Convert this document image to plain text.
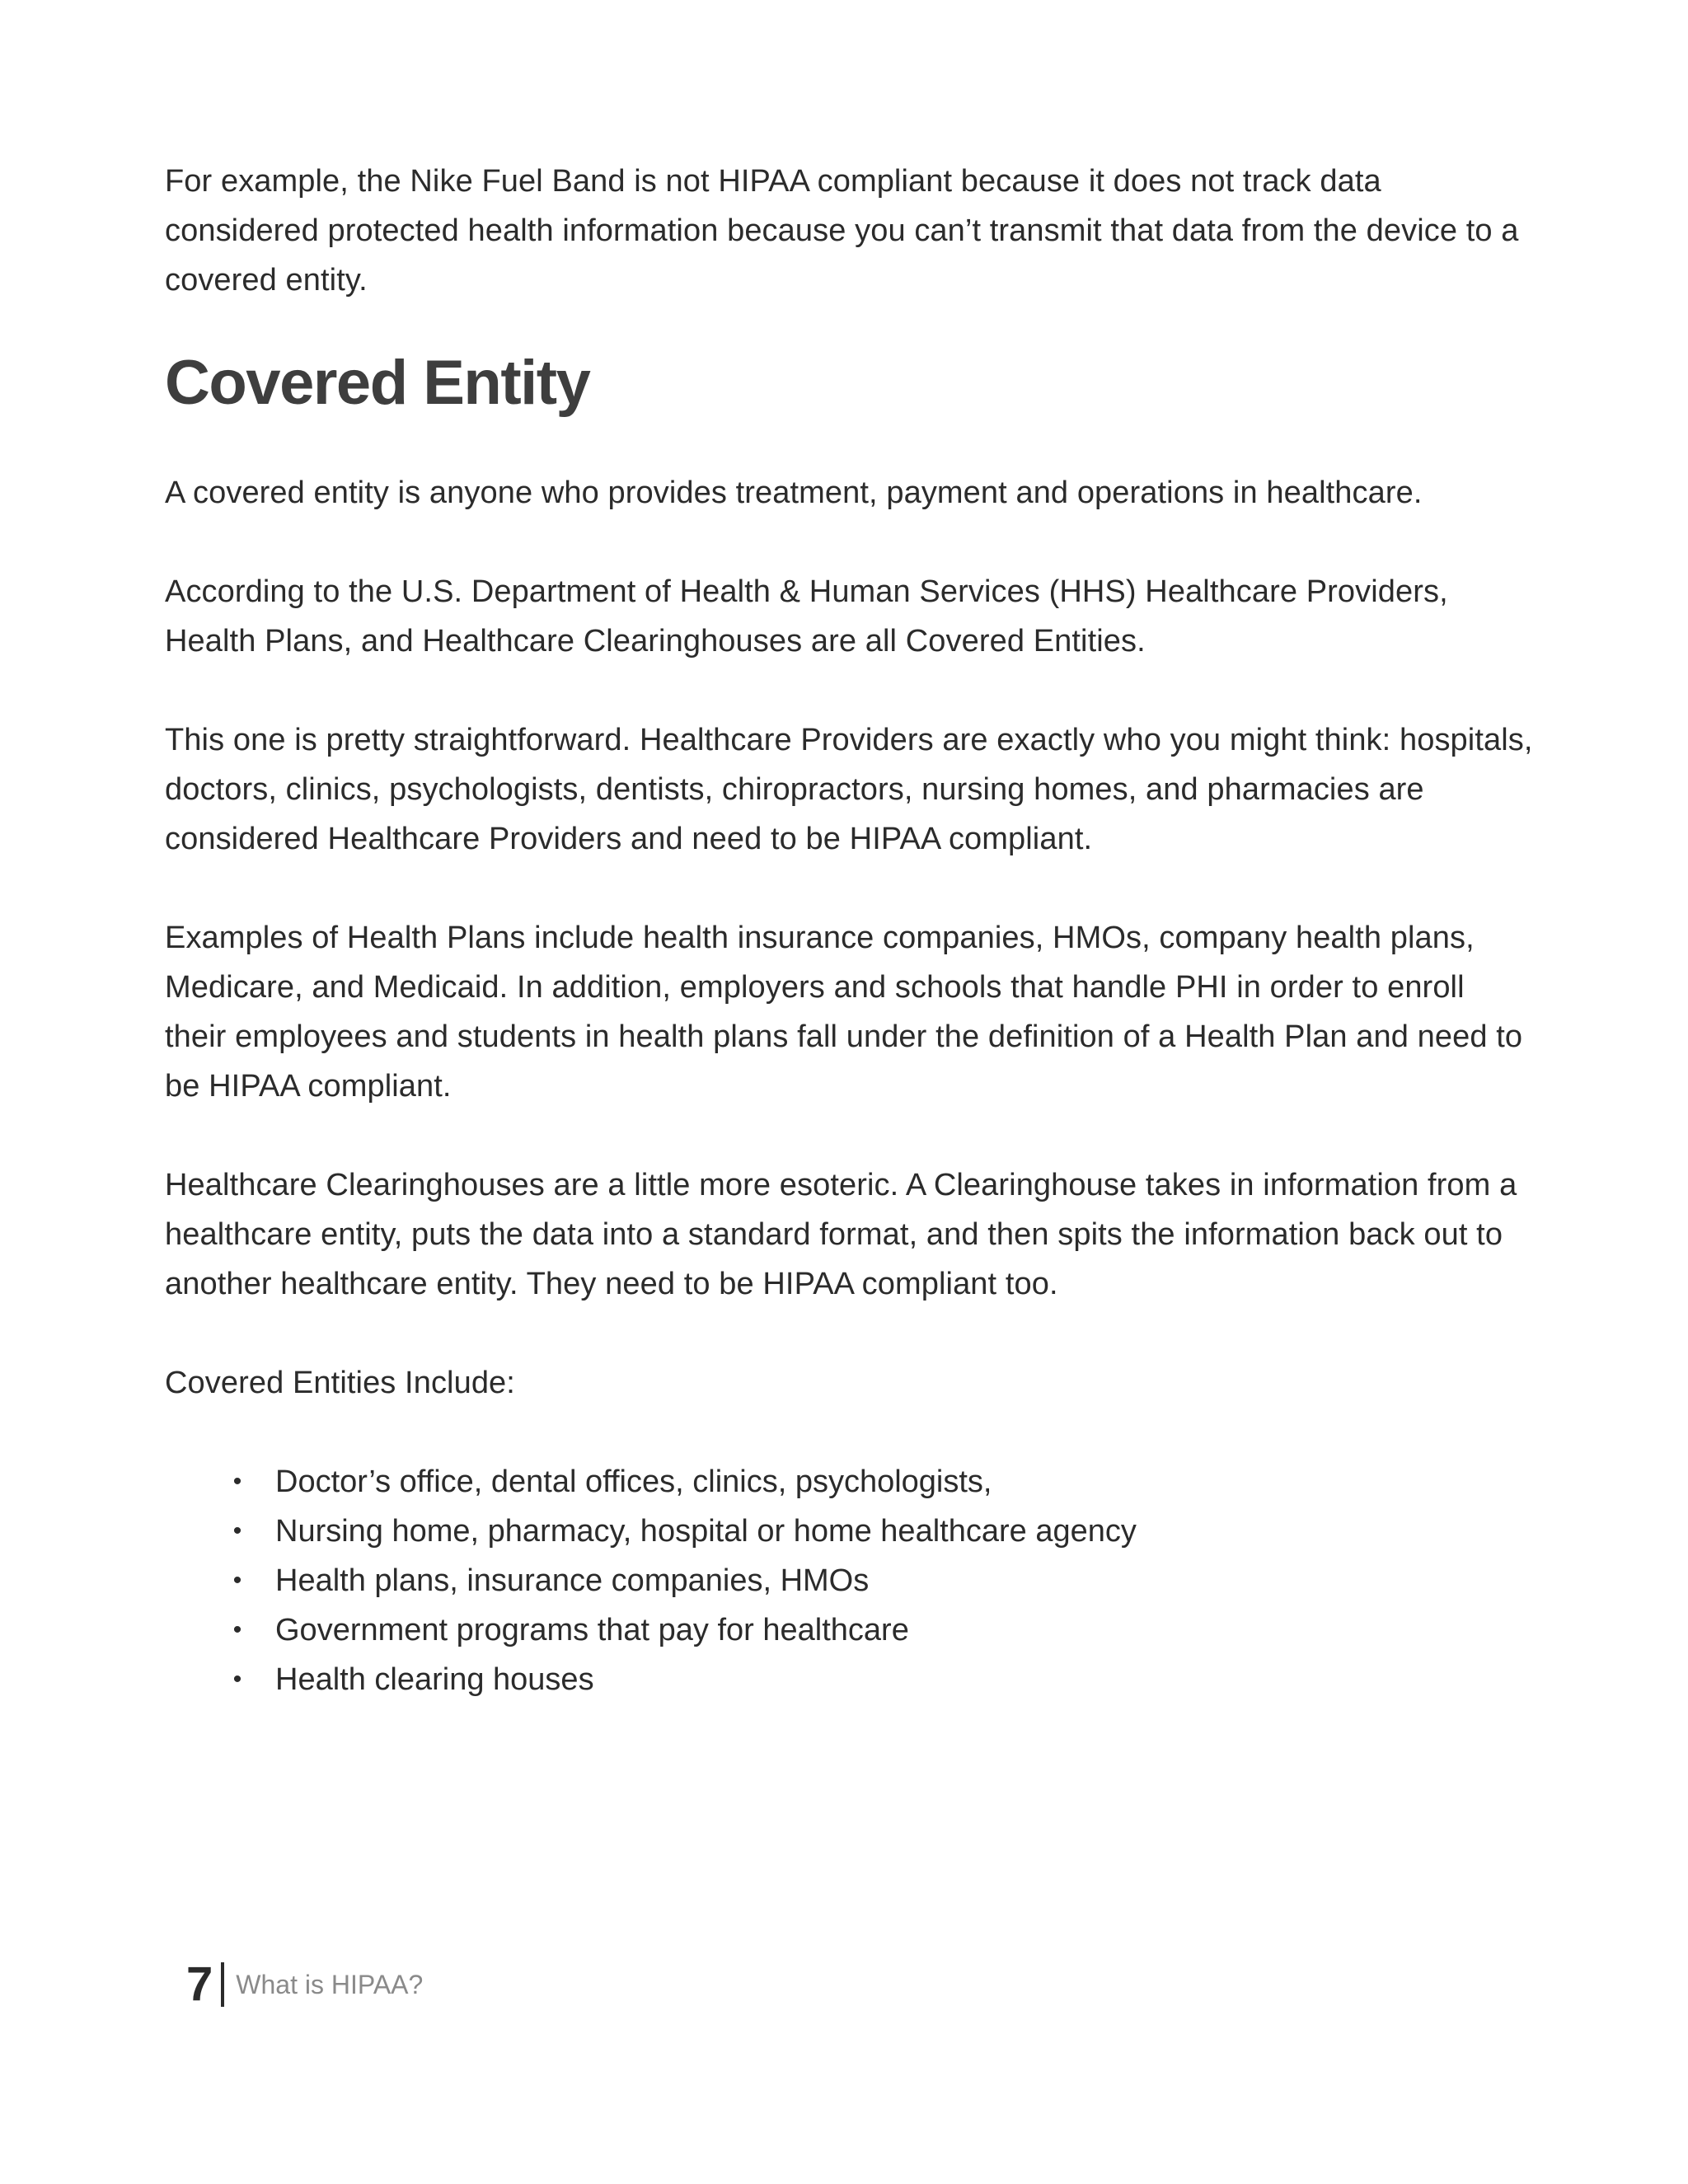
For example, the Nike Fuel Band is not HIPAA compliant because it does not track data considered protected health information because you can’t transmit that data from the device to a covered entity.

Covered Entity

A covered entity is anyone who provides treatment, payment and operations in healthcare.

According to the U.S. Department of Health & Human Services (HHS) Healthcare Providers, Health Plans, and Healthcare Clearinghouses are all Covered Entities.

This one is pretty straightforward. Healthcare Providers are exactly who you might think: hospitals, doctors, clinics, psychologists, dentists, chiropractors, nursing homes, and pharmacies are considered Healthcare Providers and need to be HIPAA compliant.

Examples of Health Plans include health insurance companies, HMOs, company health plans, Medicare, and Medicaid. In addition, employers and schools that handle PHI in order to enroll their employees and students in health plans fall under the definition of a Health Plan and need to be HIPAA compliant.

Healthcare Clearinghouses are a little more esoteric. A Clearinghouse takes in information from a healthcare entity, puts the data into a standard format, and then spits the information back out to another healthcare entity. They need to be HIPAA compliant too.

Covered Entities Include:

• Doctor’s office, dental offices, clinics, psychologists,
• Nursing home, pharmacy, hospital or home healthcare agency
• Health plans, insurance companies, HMOs
• Government programs that pay for healthcare
• Health clearing houses
7 What is HIPAA?
